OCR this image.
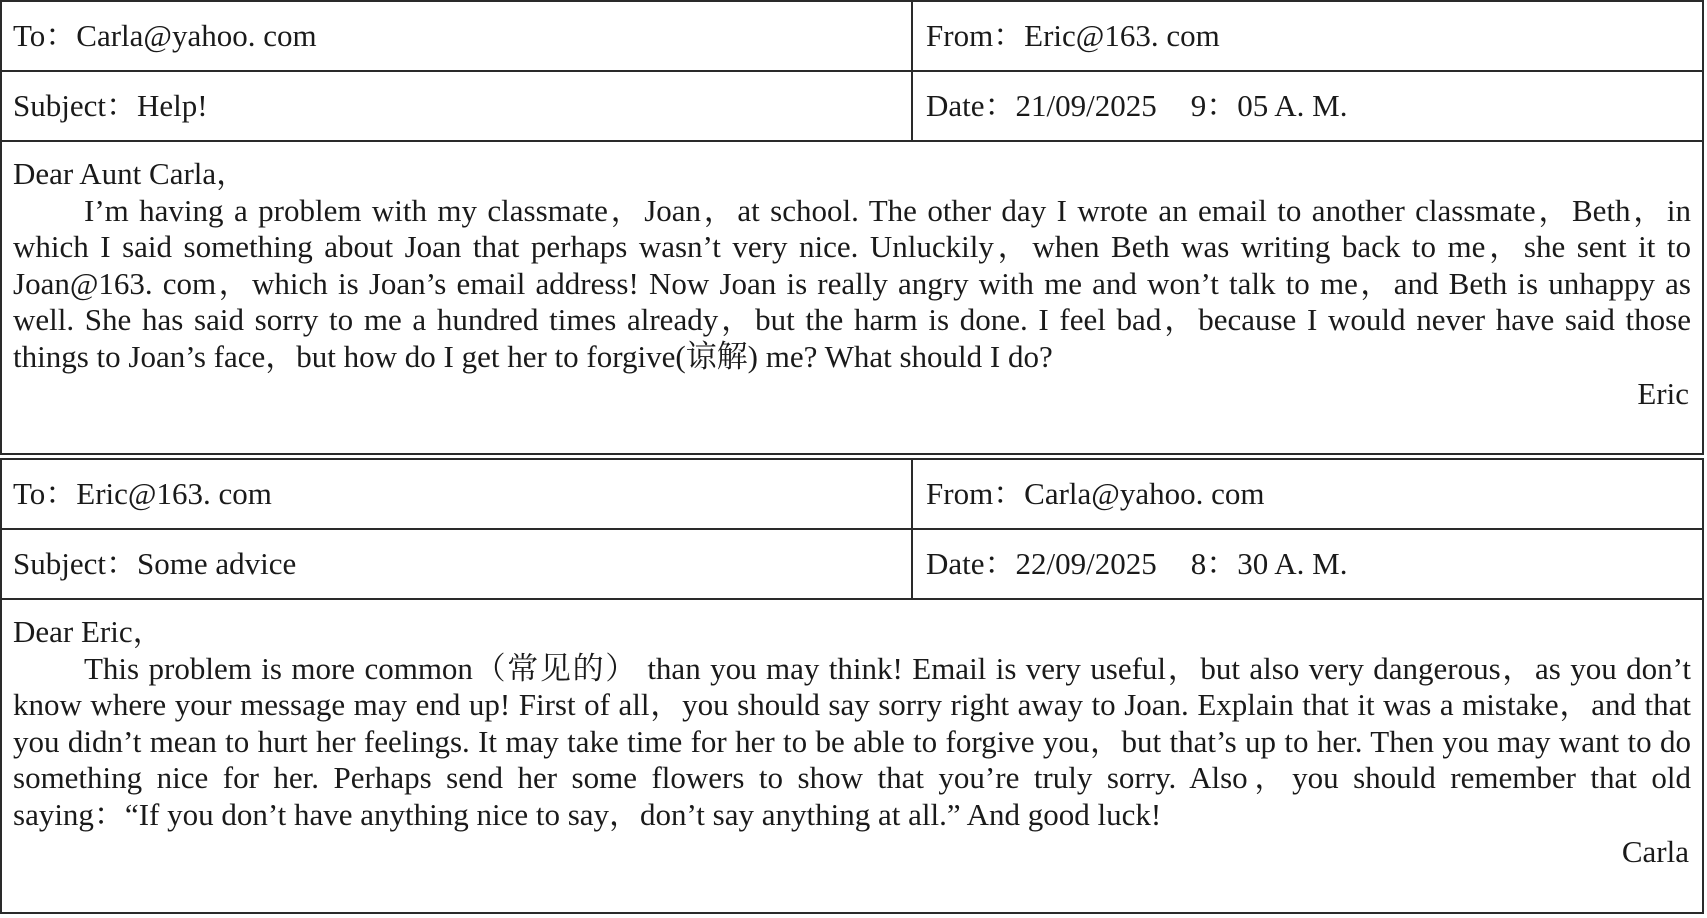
To：Carla@yahoo. com	From：Eric@163. com
Subject：Help!	Date：21/09/2025 9：05 A. M.
Dear Aunt Carla，

I’m having a problem with my classmate，Joan，at school. The other day I wrote an email to another classmate，Beth，in which I said something about Joan that perhaps wasn’t very nice. Unluckily，when Beth was writing back to me，she sent it to Joan@163. com，which is Joan’s email address! Now Joan is really angry with me and won’t talk to me，and Beth is unhappy as well. She has said sorry to me a hundred times already，but the harm is done. I feel bad，because I would never have said those things to Joan’s face，but how do I get her to forgive(谅解) me? What should I do?

Eric
To：Eric@163. com	From：Carla@yahoo. com
Subject：Some advice	Date：22/09/2025 8：30 A. M.
Dear Eric，

This problem is more common（常见的） than you may think! Email is very useful，but also very dangerous，as you don’t know where your message may end up! First of all，you should say sorry right away to Joan. Explain that it was a mistake，and that you didn’t mean to hurt her feelings. It may take time for her to be able to forgive you，but that’s up to her. Then you may want to do something nice for her. Perhaps send her some flowers to show that you’re truly sorry. Also，you should remember that old saying：“If you don’t have anything nice to say，don’t say anything at all.” And good luck!

Carla
